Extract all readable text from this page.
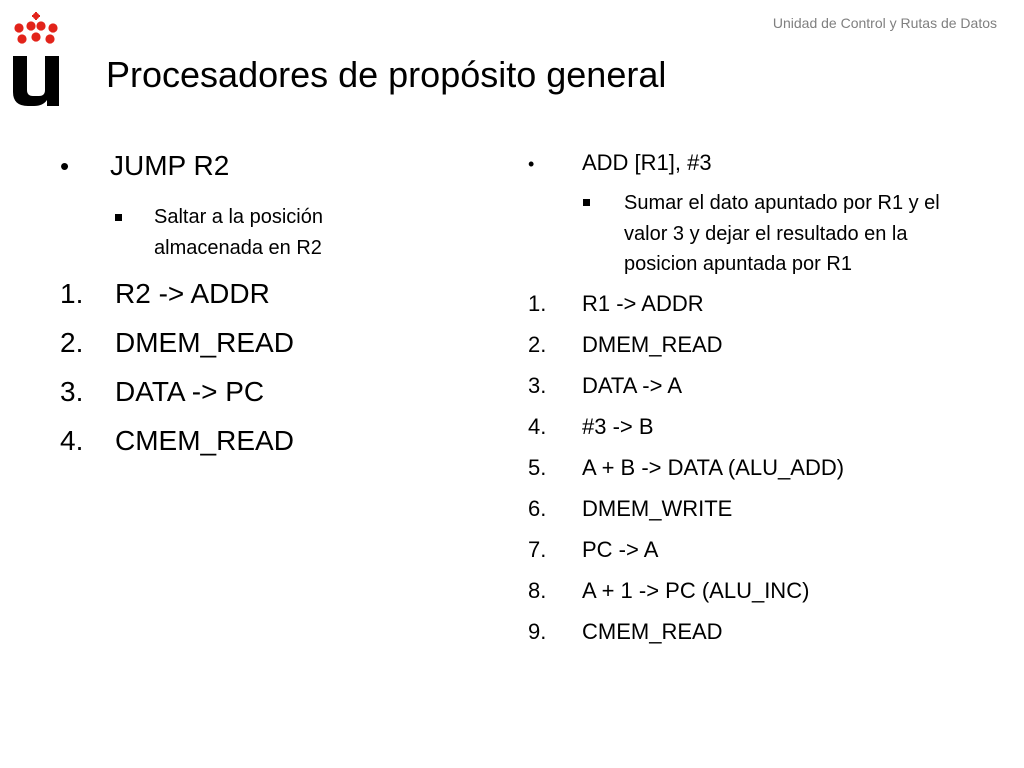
Unidad de Control y Rutas de Datos
Procesadores de propósito general
•	JUMP R2
Saltar a la posición almacenada en R2
1.	R2 -> ADDR
2.	DMEM_READ
3.	DATA -> PC
4.	CMEM_READ
•	ADD [R1], #3
Sumar el dato apuntado por R1 y el valor 3 y dejar el resultado en la posicion apuntada por R1
1.	R1 -> ADDR
2.	DMEM_READ
3.	DATA -> A
4.	#3 -> B
5.	A + B -> DATA (ALU_ADD)
6.	DMEM_WRITE
7.	PC -> A
8.	A + 1 -> PC (ALU_INC)
9.	CMEM_READ
